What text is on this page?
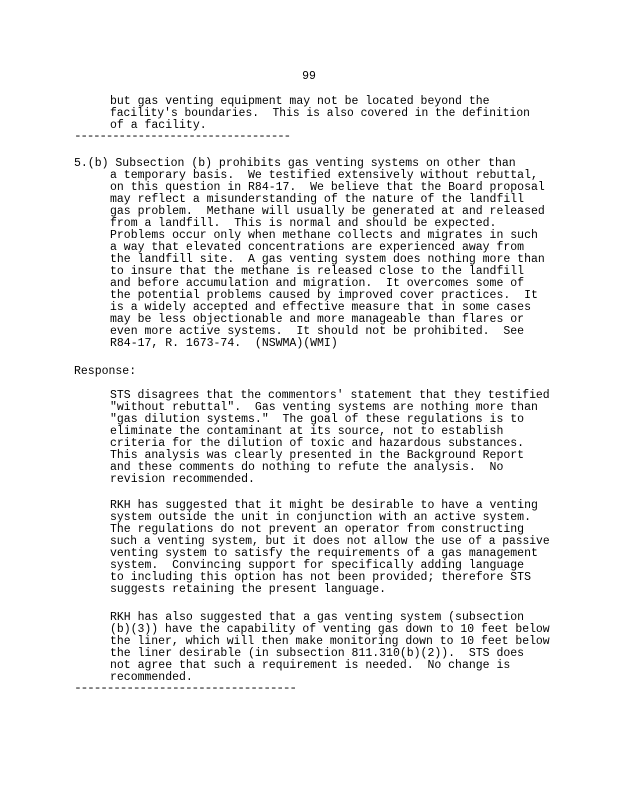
99
but gas venting equipment may not be located beyond the
facility's boundaries.  This is also covered in the definition
of a facility.
----------------------------------
5.(b) Subsection (b) prohibits gas venting systems on other than
a temporary basis.  We testified extensively without rebuttal,
on this question in R84-17.  We believe that the Board proposal
may reflect a misunderstanding of the nature of the landfill
gas problem.  Methane will usually be generated at and released
from a landfill.  This is normal and should be expected.
Problems occur only when methane collects and migrates in such
a way that elevated concentrations are experienced away from
the landfill site.  A gas venting system does nothing more than
to insure that the methane is released close to the landfill
and before accumulation and migration.  It overcomes some of
the potential problems caused by improved cover practices.  It
is a widely accepted and effective measure that in some cases
may be less objectionable and more manageable than flares or
even more active systems.  It should not be prohibited.  See
R84-17, R. 1673-74.  (NSWMA)(WMI)
Response:
STS disagrees that the commentors' statement that they testified
"without rebuttal".  Gas venting systems are nothing more than
"gas dilution systems."  The goal of these regulations is to
eliminate the contaminant at its source, not to establish
criteria for the dilution of toxic and hazardous substances.
This analysis was clearly presented in the Background Report
and these comments do nothing to refute the analysis.  No
revision recommended.
RKH has suggested that it might be desirable to have a venting
system outside the unit in conjunction with an active system.
The regulations do not prevent an operator from constructing
such a venting system, but it does not allow the use of a passive
venting system to satisfy the requirements of a gas management
system.  Convincing support for specifically adding language
to including this option has not been provided; therefore STS
suggests retaining the present language.
RKH has also suggested that a gas venting system (subsection
(b)(3)) have the capability of venting gas down to 10 feet below
the liner, which will then make monitoring down to 10 feet below
the liner desirable (in subsection 811.310(b)(2)).  STS does
not agree that such a requirement is needed.  No change is
recommended.
----------------------------------
